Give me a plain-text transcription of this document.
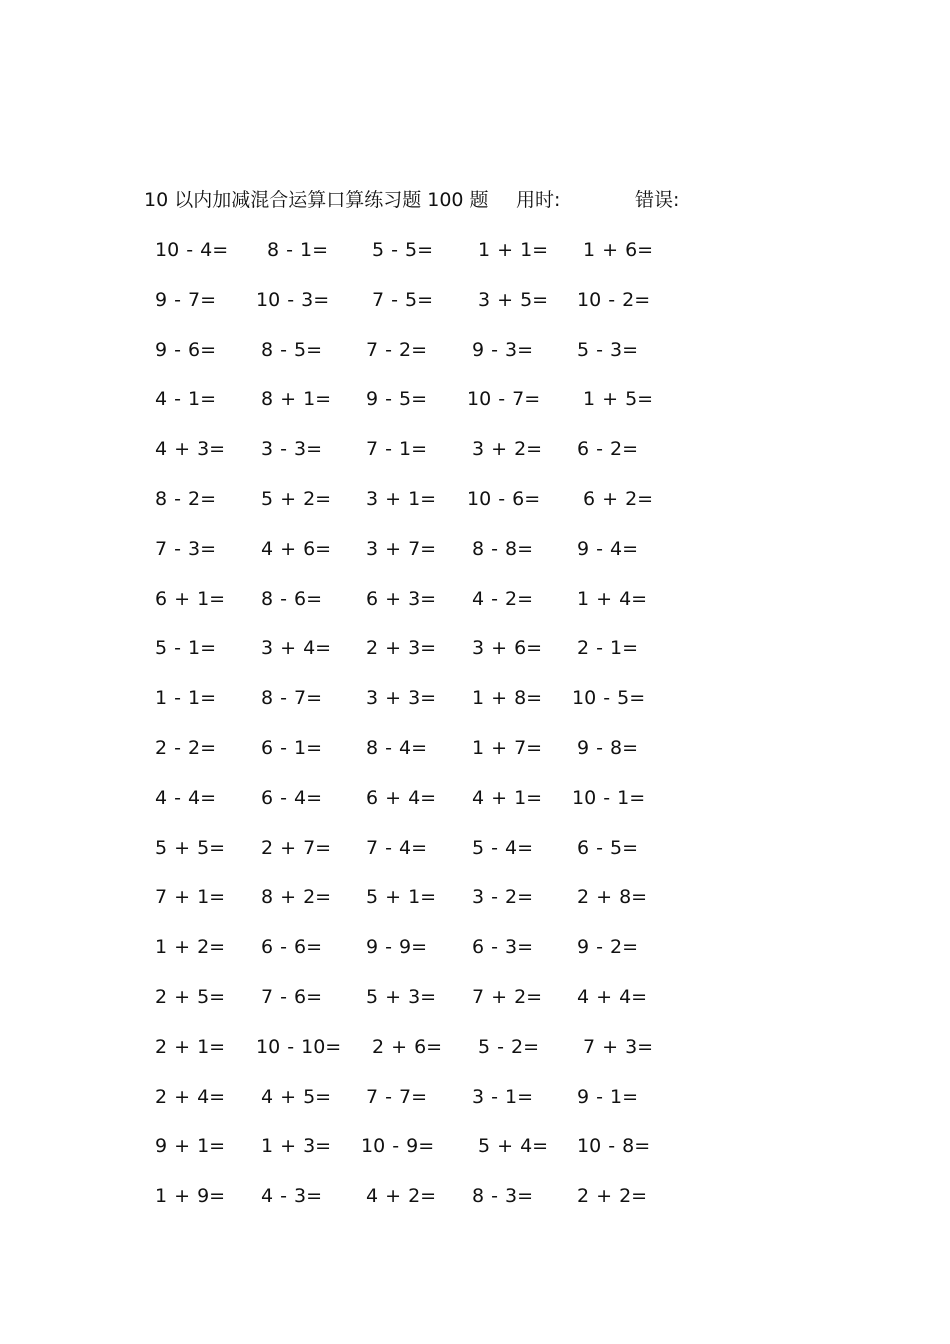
10 以内加减混合运算口算练习题 100 题 用时:	错误:
10 - 4= 8 - 1= 5 - 5= 1 + 1= 1 + 6=
9 - 7= 10 - 3= 7 - 5= 3 + 5= 10 - 2=
9 - 6= 8 - 5= 7 - 2= 9 - 3= 5 - 3=
4 - 1= 8 + 1= 9 - 5= 10 - 7= 1 + 5=
4 + 3= 3 - 3= 7 - 1= 3 + 2= 6 - 2=
8 - 2= 5 + 2= 3 + 1= 10 - 6= 6 + 2=
7 - 3= 4 + 6= 3 + 7= 8 - 8= 9 - 4=
6 + 1= 8 - 6= 6 + 3= 4 - 2= 1 + 4=
5 - 1= 3 + 4= 2 + 3= 3 + 6= 2 - 1=
1 - 1= 8 - 7= 3 + 3= 1 + 8= 10 - 5=
2 - 2= 6 - 1= 8 - 4= 1 + 7= 9 - 8=
4 - 4= 6 - 4= 6 + 4= 4 + 1= 10 - 1=
5 + 5= 2 + 7= 7 - 4= 5 - 4= 6 - 5=
7 + 1= 8 + 2= 5 + 1= 3 - 2= 2 + 8=
1 + 2= 6 - 6= 9 - 9= 6 - 3= 9 - 2=
2 + 5= 7 - 6= 5 + 3= 7 + 2= 4 + 4=
2 + 1= 10 - 10= 2 + 6= 5 - 2= 7 + 3=
2 + 4= 4 + 5= 7 - 7= 3 - 1= 9 - 1=
9 + 1= 1 + 3= 10 - 9= 5 + 4= 10 - 8=
1 + 9= 4 - 3= 4 + 2= 8 - 3= 2 + 2=
